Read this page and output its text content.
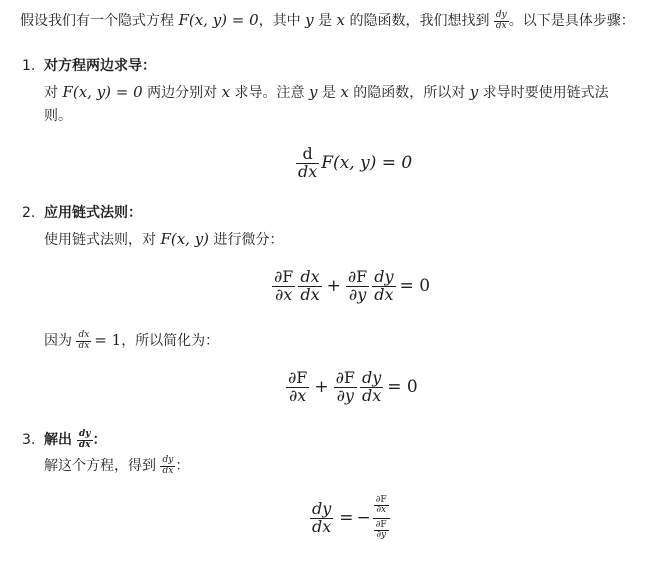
假设我们有一个隐式方程 F(x, y) = 0，其中 y 是 x 的隐函数，我们想找到 $\frac{dy}{dx}$ 。以下是具体步骤：
1. 对方程两边求导：
对 F(x, y) = 0 两边分别对 x 求导。注意 y 是 x 的隐函数，所以对 y 求导时要使用链式法
则。
$\frac{d}{dx} F(x$, y) = 0
2. 应用链式法则：
使用链式法则，对 F(x, y) 进行微分：
$\frac{\partial F}{\partial x} \frac{dx}{dx} + \frac{\partial F}{\partial y} \frac{dy}{dx} = 0$
因为 $\frac{dx}{dx} = 1$，所以简化为：
$\frac{\partial F}{\partial x} + \frac{\partial F}{\partial y} \frac{dy}{dx} = 0$
3. 解出 $\frac{dy}{dx}$ ：
解这个方程，得到 $\frac{dy}{dx}$ ：
$\frac{dy}{dx}$ = − $\frac{\frac{\partial F}{\partial x}}{\frac{\partial F}{\partial y}}$
